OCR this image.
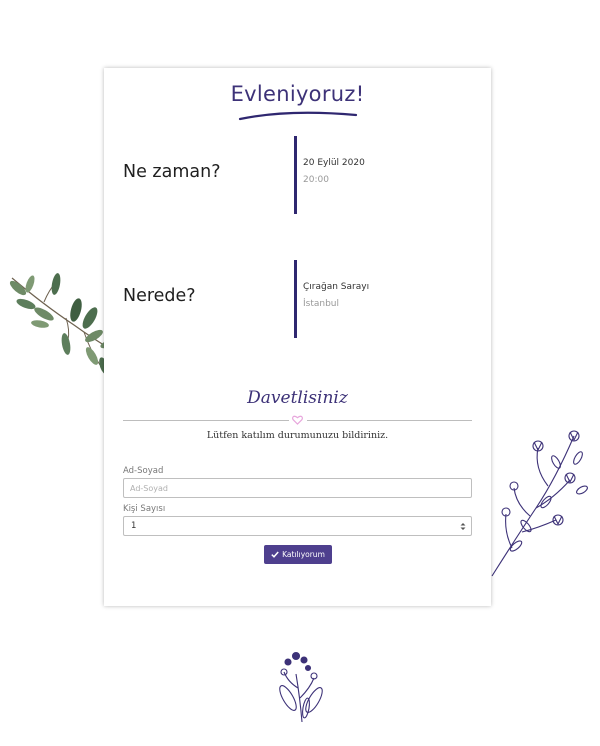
Evleniyoruz!
Ne zaman?	20 Eylül 2020
20:00
Nerede?	Çırağan Sarayı
İstanbul
Davetlisiniz
Lütfen katılım durumunuzu bildiriniz.
Ad-Soyad
Ad-Soyad
Kişi Sayısı
1
Katılıyorum
